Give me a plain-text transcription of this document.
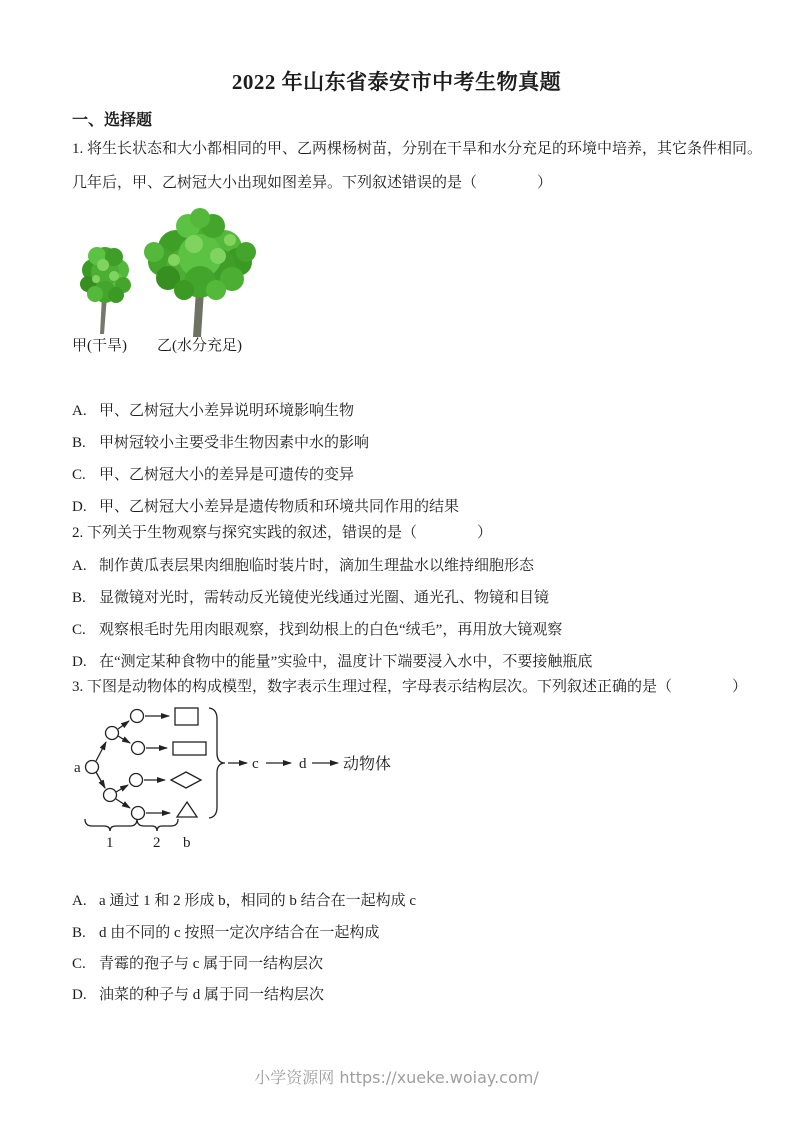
2022 年山东省泰安市中考生物真题
一、选择题
1. 将生长状态和大小都相同的甲、乙两棵杨树苗，分别在干旱和水分充足的环境中培养，其它条件相同。
几年后，甲、乙树冠大小出现如图差异。下列叙述错误的是（　　　　）
甲(干旱) 乙(水分充足)
A. 甲、乙树冠大小差异说明环境影响生物
B. 甲树冠较小主要受非生物因素中水的影响
C. 甲、乙树冠大小的差异是可遗传的变异
D. 甲、乙树冠大小差异是遗传物质和环境共同作用的结果
2. 下列关于生物观察与探究实践的叙述，错误的是（　　　　）
A. 制作黄瓜表层果肉细胞临时装片时，滴加生理盐水以维持细胞形态
B. 显微镜对光时，需转动反光镜使光线通过光圈、通光孔、物镜和目镜
C. 观察根毛时先用肉眼观察，找到幼根上的白色“绒毛”，再用放大镜观察
D. 在“测定某种食物中的能量”实验中，温度计下端要浸入水中，不要接触瓶底
3. 下图是动物体的构成模型，数字表示生理过程，字母表示结构层次。下列叙述正确的是（　　　　）
a	c	d 动物体
1	2 b
A. a 通过 1 和 2 形成 b，相同的 b 结合在一起构成 c
B. d 由不同的 c 按照一定次序结合在一起构成
C. 青霉的孢子与 c 属于同一结构层次
D. 油菜的种子与 d 属于同一结构层次
小学资源网 https://xueke.woiay.com/
